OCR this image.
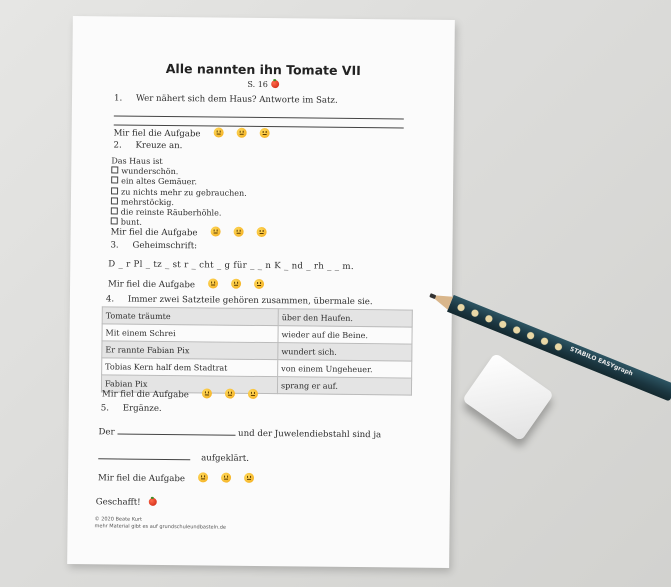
Alle nannten ihn Tomate VII
S. 16
1. Wer nähert sich dem Haus? Antworte im Satz.
Mir fiel die Aufgabe
2. Kreuze an.
Das Haus ist
wunderschön.
ein altes Gemäuer.
zu nichts mehr zu gebrauchen.
mehrstöckig.
die reinste Räuberhöhle.
bunt.
Mir fiel die Aufgabe
3. Geheimschrift:
D _ r Pl _ tz _ st r _ cht _ g für _ _ n K _ nd _ rh _ _ m.
Mir fiel die Aufgabe
4. Immer zwei Satzteile gehören zusammen, übermale sie.
Tomate träumte	über den Haufen.
Mit einem Schrei	wieder auf die Beine.
Er rannte Fabian Pix	wundert sich.
Tobias Kern half dem Stadtrat	von einem Ungeheuer.
Fabian Pix	sprang er auf.
Mir fiel die Aufgabe
5. Ergänze.
Der	und der Juwelendiebstahl sind ja
aufgeklärt.
Mir fiel die Aufgabe
Geschafft!
© 2020 Beate Kurt
mehr Material gibt es auf grundschuleundbasteln.de
STABILO EASYgraph
